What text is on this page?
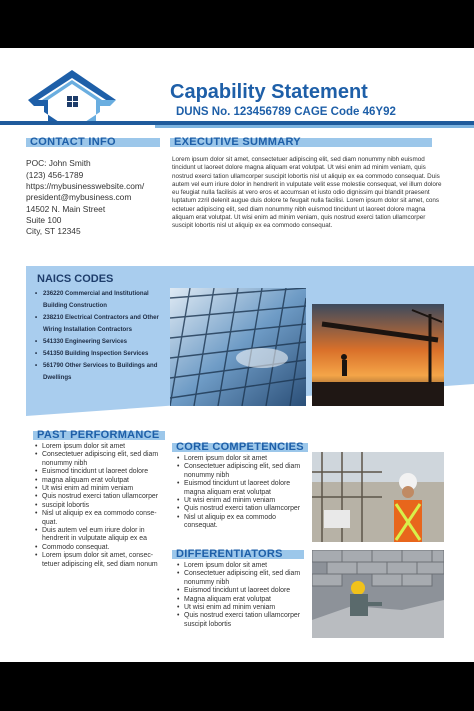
Capability Statement
DUNS No. 123456789 CAGE Code 46Y92
CONTACT INFO
POC: John Smith
(123) 456-1789
https://mybusinesswebsite.com/
president@mybusiness.com
14502 N. Main Street
Suite 100
City, ST 12345
EXECUTIVE SUMMARY
Lorem ipsum dolor sit amet, consectetuer adipiscing elit, sed diam nonummy nibh euismod tincidunt ut laoreet dolore magna aliquam erat volutpat. Ut wisi enim ad minim veniam, quis nostrud exerci tation ullamcorper suscipit lobortis nisl ut aliquip ex ea commodo consequat. Duis autem vel eum iriure dolor in hendrerit in vulputate velit esse molestie consequat, vel illum dolore eu feugiat nulla facilisis at vero eros et accumsan et iusto odio dignissim qui blandit praesent luptatum zzril delenit augue duis dolore te feugait nulla facilisi. Lorem ipsum dolor sit amet, cons ectetuer adipiscing elit, sed diam nonummy nibh euismod tincidunt ut laoreet dolore magna aliquam erat volutpat. Ut wisi enim ad minim veniam, quis nostrud exerci tation ullamcorper suscipit lobortis nisl ut aliquip ex ea commodo consequat.
NAICS CODES
• 236220 Commercial and Institutional Building Construction
• 238210 Electrical Contractors and Other Wiring Installation Contractors
• 541330 Engineering Services
• 541350 Building Inspection Services
• 561790 Other Services to Buildings and Dwellings
PAST PERFORMANCE
• Lorem ipsum dolor sit amet
• Consectetuer adipiscing elit, sed diam nonummy nibh
• Euismod tincidunt ut laoreet dolore
• magna aliquam erat volutpat
• Ut wisi enim ad minim veniam
• Quis nostrud exerci tation ullamcorper
• suscipit lobortis
• Nisl ut aliquip ex ea commodo conse-quat.
• Duis autem vel eum iriure dolor in hendrerit in vulputate aliquip ex ea
• Commodo consequat.
• Lorem ipsum dolor sit amet, consec-tetuer adipiscing elit, sed diam nonum
CORE COMPETENCIES
• Lorem ipsum dolor sit amet
• Consectetuer adipiscing elit, sed diam nonummy nibh
• Euismod tincidunt ut laoreet dolore magna aliquam erat volutpat
• Ut wisi enim ad minim veniam
• Quis nostrud exerci tation ullamcorper
• Nisl ut aliquip ex ea commodo consequat.
DIFFERENTIATORS
• Lorem ipsum dolor sit amet
• Consectetuer adipiscing elit, sed diam nonummy nibh
• Euismod tincidunt ut laoreet dolore
• Magna aliquam erat volutpat
• Ut wisi enim ad minim veniam
• Quis nostrud exerci tation ullamcorper suscipit lobortis
